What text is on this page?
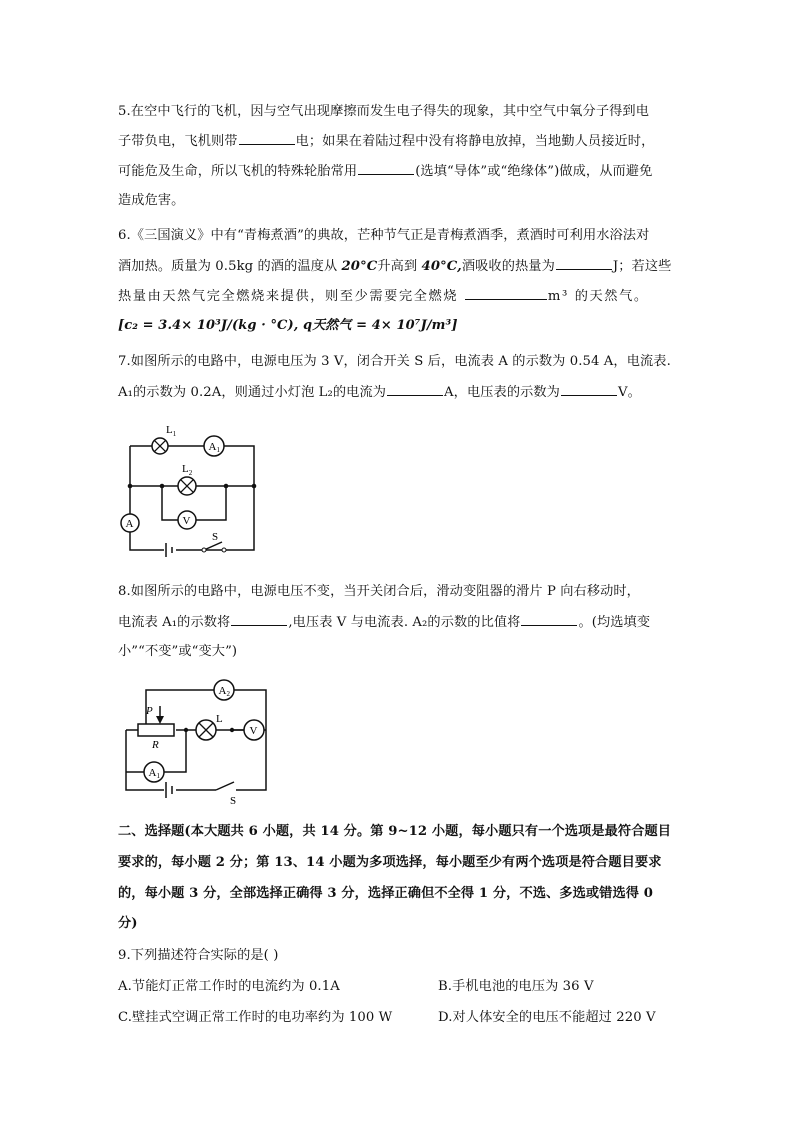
5.在空中飞行的飞机，因与空气出现摩擦而发生电子得失的现象，其中空气中氧分子得到电
子带负电，飞机则带	电；如果在着陆过程中没有将静电放掉，当地勤人员接近时，
可能危及生命，所以飞机的特殊轮胎常用	(选填“导体”或“绝缘体”)做成，从而避免
造成危害。
6.《三国演义》中有“青梅煮酒”的典故，芒种节气正是青梅煮酒季，煮酒时可利用水浴法对
酒加热。质量为 0.5kg 的酒的温度从 20°C升高到 40°C,酒吸收的热量为	J；若这些
热量由天然气完全燃烧来提供，则至少需要完全燃烧	m³ 的天然气。
[c₂ = 3.4× 10³J/(kg · °C), q天然气 = 4× 10⁷J/m³]
7.如图所示的电路中，电源电压为 3 V，闭合开关 S 后，电流表 A 的示数为 0.54 A，电流表.
A₁的示数为 0.2A，则通过小灯泡 L₂的电流为	A，电压表的示数为	V。
$L_1$
A1
$L_2$
V
A
S
8.如图所示的电路中，电源电压不变，当开关闭合后，滑动变阻器的滑片 P 向右移动时，
电流表 A₁的示数将	,电压表 V 与电流表. A₂的示数的比值将	。(均选填变
小”“不变”或“变大”)
P
R
A2
L
V
A1
S
二、选择题(本大题共 6 小题，共 14 分。第 9~12 小题，每小题只有一个选项是最符合题目
要求的，每小题 2 分；第 13、14 小题为多项选择，每小题至少有两个选项是符合题目要求
的，每小题 3 分，全部选择正确得 3 分，选择正确但不全得 1 分，不选、多选或错选得 0
分)
9.下列描述符合实际的是( )
A.节能灯正常工作时的电流约为 0.1A	B.手机电池的电压为 36 V
C.壁挂式空调正常工作时的电功率约为 100 W	D.对人体安全的电压不能超过 220 V
